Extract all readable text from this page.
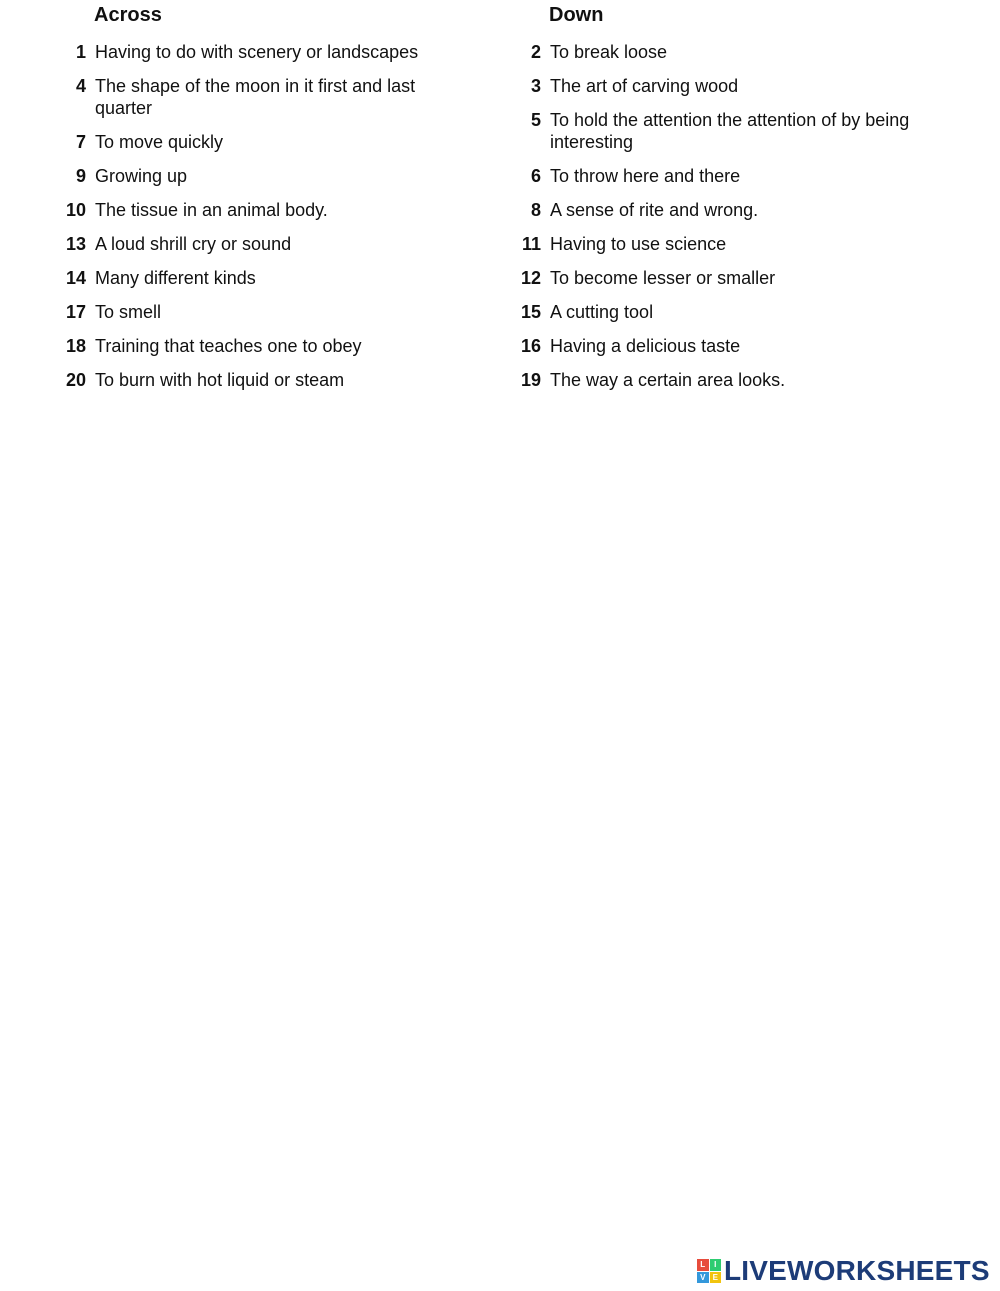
Across
1 Having to do with scenery or landscapes
4 The shape of the moon in it first and last quarter
7 To move quickly
9 Growing up
10 The tissue in an animal body.
13 A loud shrill cry or sound
14 Many different kinds
17 To smell
18 Training that teaches one to obey
20 To burn with hot liquid or steam
Down
2 To break loose
3 The art of carving wood
5 To hold the attention the attention of by being interesting
6 To throw here and there
8 A sense of rite and wrong.
11 Having to use science
12 To become lesser or smaller
15 A cutting tool
16 Having a delicious taste
19 The way a certain area looks.
L	I
V E LIVEWORKSHEETS
